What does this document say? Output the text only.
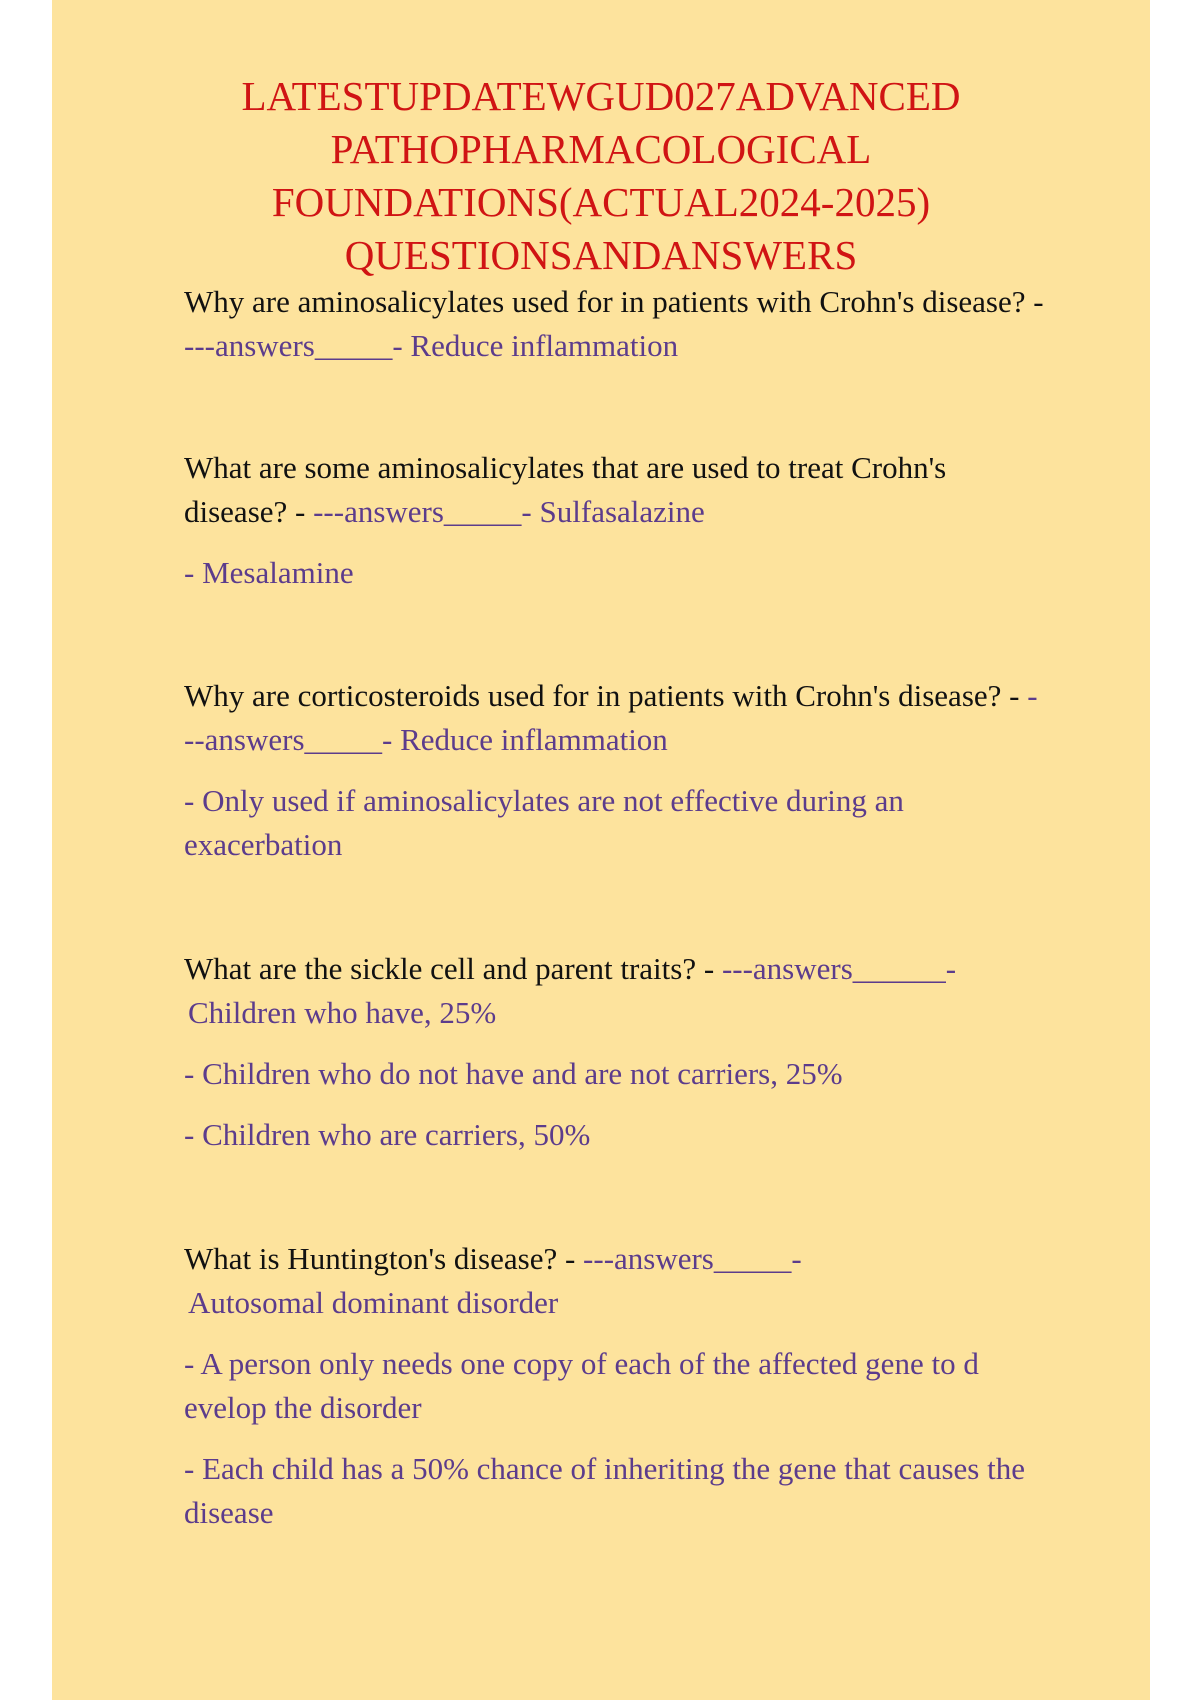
LATESTUPDATEWGUD027ADVANCED
PATHOPHARMACOLOGICAL
FOUNDATIONS(ACTUAL2024-2025)
QUESTIONSANDANSWERS

Why are aminosalicylates used for in patients with Crohn's disease? - ---answers_____- Reduce inflammation

What are some aminosalicylates that are used to treat Crohn's disease? - ---answers_____- Sulfasalazine

- Mesalamine

Why are corticosteroids used for in patients with Crohn's disease? - ---answers_____- Reduce inflammation

- Only used if aminosalicylates are not effective during an exacerbation

What are the sickle cell and parent traits? - ---answers______-
Children who have, 25%

- Children who do not have and are not carriers, 25%

- Children who are carriers, 50%

What is Huntington's disease? - ---answers_____-
Autosomal dominant disorder

- A person only needs one copy of each of the affected gene to d evelop the disorder

- Each child has a 50% chance of inheriting the gene that causes the disease
